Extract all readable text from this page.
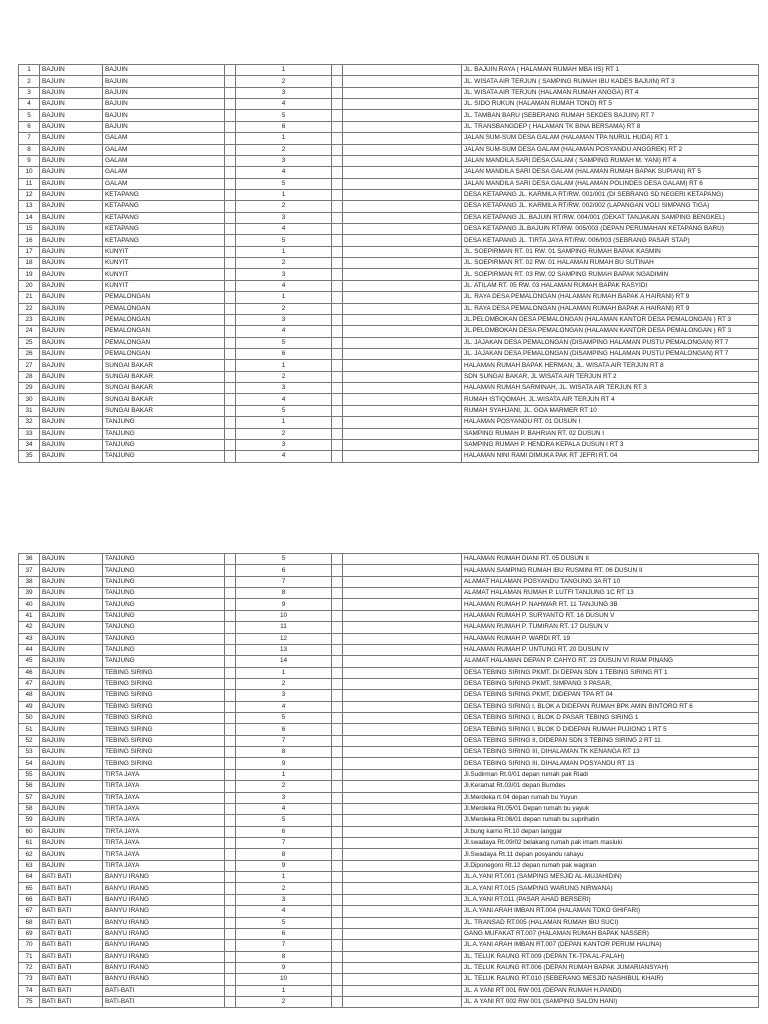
1	BAJUIN	BAJUIN		1			JL. BAJUIN RAYA ( HALAMAN RUMAH MBA IIS) RT 1
2	BAJUIN	BAJUIN		2			JL. WISATA AIR TERJUN ( SAMPING RUMAH IBU KADES BAJUIN) RT 3
3	BAJUIN	BAJUIN		3			JL. WISATA AIR TERJUN (HALAMAN RUMAH ANGGA) RT 4
4	BAJUIN	BAJUIN		4			JL. SIDO RUKUN (HALAMAN RUMAH TONO) RT 5
5	BAJUIN	BAJUIN		5			JL. TAMBAN BARU (SEBERANG RUMAH SEKDES BAJUIN) RT 7
6	BAJUIN	BAJUIN		6			JL. TRANSBANGDEP ( HALAMAN TK BINA BERSAMA) RT 8
7	BAJUIN	GALAM		1			JALAN SUM-SUM DESA GALAM (HALAMAN TPA NURUL HUDA) RT 1
8	BAJUIN	GALAM		2			JALAN SUM-SUM DESA GALAM (HALAMAN POSYANDU ANGGREK) RT 2
9	BAJUIN	GALAM		3			JALAN MANDILA SARI DESA GALAM ( SAMPING RUMAH M. YANI) RT 4
10	BAJUIN	GALAM		4			JALAN MANDILA SARI DESA GALAM (HALAMAN RUMAH BAPAK SUPIANI) RT 5
11	BAJUIN	GALAM		5			JALAN MANDILA SARI DESA GALAM (HALAMAN POLINDES DESA GALAM) RT 6
12	BAJUIN	KETAPANG		1			DESA KETAPANG JL. KARMILA RT/RW. 001/001 (DI SEBRANG SD NEGERI KETAPANG)
13	BAJUIN	KETAPANG		2			DESA KETAPANG JL. KARMILA RT/RW. 002/002 (LAPANGAN VOLI SIMPANG TIGA)
14	BAJUIN	KETAPANG		3			DESA KETAPANG JL. BAJUIN RT/RW. 004/001 (DEKAT TANJAKAN SAMPING BENGKEL)
15	BAJUIN	KETAPANG		4			DESA KETAPANG JL.BAJUIN RT/RW. 005/003 (DEPAN PERUMAHAN KETAPANG BARU)
16	BAJUIN	KETAPANG		5			DESA KETAPANG JL. TIRTA JAYA RT/RW. 006/003 (SEBRANG PASAR STAP)
17	BAJUIN	KUNYIT		1			JL. SOEPIRMAN RT. 01 RW. 01 SAMPING RUMAH BAPAK KASMIN
18	BAJUIN	KUNYIT		2			JL. SOEPIRMAN RT. 02 RW. 01 HALAMAN RUMAH BU SUTINAH
19	BAJUIN	KUNYIT		3			JL. SOEPIRMAN RT. 03 RW. 02 SAMPING RUMAH BAPAK NGADIMIN
20	BAJUIN	KUNYIT		4			JL. ATILAM RT. 05 RW. 03 HALAMAN RUMAH BAPAK RASYIDI
21	BAJUIN	PEMALONGAN		1			JL. RAYA DESA PEMALONGAN (HALAMAN RUMAH BAPAK A HAIRANI) RT 9
22	BAJUIN	PEMALONGAN		2			JL. RAYA DESA PEMALONGAN (HALAMAN RUMAH BAPAK A HAIRANI) RT 9
23	BAJUIN	PEMALONGAN		3			JL.PELOMBOKAN DESA PEMALONGAN (HALAMAN KANTOR DESA PEMALONGAN ) RT 3
24	BAJUIN	PEMALONGAN		4			JL.PELOMBOKAN DESA PEMALONGAN (HALAMAN KANTOR DESA PEMALONGAN ) RT 3
25	BAJUIN	PEMALONGAN		5			JL. JAJAKAN DESA PEMALONGAN (DISAMPING HALAMAN PUSTU PEMALONGAN) RT 7
26	BAJUIN	PEMALONGAN		6			JL. JAJAKAN DESA PEMALONGAN (DISAMPING HALAMAN PUSTU PEMALONGAN) RT 7
27	BAJUIN	SUNGAI BAKAR		1			HALAMAN RUMAH BAPAK HERMAN, JL. WISATA AIR TERJUN RT 8
28	BAJUIN	SUNGAI BAKAR		2			SDN SUNGAI BAKAR, JL WISATA AIR TERJUN RT 2
29	BAJUIN	SUNGAI BAKAR		3			HALAMAN RUMAH SARMINAH, JL. WISATA AIR TERJUN RT 3
30	BAJUIN	SUNGAI BAKAR		4			RUMAH ISTIQOMAH, JL.WISATA AIR TERJUN RT 4
31	BAJUIN	SUNGAI BAKAR		5			RUMAH SYAHJANI, JL. GOA MARMER RT 10
32	BAJUIN	TANJUNG		1			HALAMAN POSYANDU RT. 01 DUSUN I
33	BAJUIN	TANJUNG		2			SAMPING RUMAH P. BAHRIAN RT. 02 DUSUN I
34	BAJUIN	TANJUNG		3			SAMPING RUMAH P. HENDRA KEPALA DUSUN I RT 3
35	BAJUIN	TANJUNG		4			HALAMAN NINI RAMI DIMUKA PAK RT JEFRI RT. 04
36	BAJUIN	TANJUNG		5			HALAMAN RUMAH DIANI RT. 05 DUSUN II
37	BAJUIN	TANJUNG		6			HALAMAN SAMPING RUMAH IBU RUSMINI RT. 06 DUSUN II
38	BAJUIN	TANJUNG		7			ALAMAT HALAMAN POSYANDU TANGUNG 3A RT 10
39	BAJUIN	TANJUNG		8			ALAMAT HALAMAN RUMAH P. LUTFI TANJUNG 1C RT 13
40	BAJUIN	TANJUNG		9			HALAMAN RUMAH P. NAHWAR RT. 11 TANJUNG 3B
41	BAJUIN	TANJUNG		10			HALAMAN RUMAH P. SURYANTO RT. 16 DUSUN V
42	BAJUIN	TANJUNG		11			HALAMAN RUMAH P. TUMIRAN RT. 17 DUSUN V
43	BAJUIN	TANJUNG		12			HALAMAN RUMAH P. WARDI RT. 19
44	BAJUIN	TANJUNG		13			HALAMAN RUMAH P. UNTUNG RT. 20 DUSUN IV
45	BAJUIN	TANJUNG		14			ALAMAT HALAMAN DEPAN P. CAHYO RT. 23 DUSUN VI RIAM PINANG
46	BAJUIN	TEBING SIRING		1			DESA TEBING SIRING PKMT, DI DEPAN SDN 1 TEBING SIRING RT 1
47	BAJUIN	TEBING SIRING		2			DESA TEBING SIRING PKMT, SIMPANG 3 PASAR,
48	BAJUIN	TEBING SIRING		3			DESA TEBING SIRING PKMT, DIDEPAN TPA RT 04
49	BAJUIN	TEBING SIRING		4			DESA TEBING SIRING I, BLOK A DIDEPAN RUMAH BPK AMIN BINTORO RT 6
50	BAJUIN	TEBING SIRING		5			DESA TEBING SIRING I, BLOK D PASAR TEBING SIRING 1
51	BAJUIN	TEBING SIRING		6			DESA TEBING SIRING I, BLOK D DIDEPAN RUMAH PUJIONO 1 RT 5
52	BAJUIN	TEBING SIRING		7			DESA TEBING SIRING II, DIDEPAN SDN 3 TEBING SIRING 2 RT 11
53	BAJUIN	TEBING SIRING		8			DESA TEBING SIRING III, DIHALAMAN TK KENANGA RT 13
54	BAJUIN	TEBING SIRING		9			DESA TEBING SIRING III, DIHALAMAN POSYANDU RT 13
55	BAJUIN	TIRTA JAYA		1			Jl.Sudirman Rt.0/01 depan rumah pak Riadi
56	BAJUIN	TIRTA JAYA		2			Jl.Keramat Rt.03/01 depan Bumdes
57	BAJUIN	TIRTA JAYA		3			Jl.Merdeka rt.04 depan rumah bu Yuyun
58	BAJUIN	TIRTA JAYA		4			Jl.Merdeka Rt.05/01 Depan rumah bu yayuk
59	BAJUIN	TIRTA JAYA		5			Jl.Merdeka Rt.06/01 depan rumah bu suprihatin
60	BAJUIN	TIRTA JAYA		6			Jl.bung karno Rt.10 depan langgar
61	BAJUIN	TIRTA JAYA		7			Jl.swadaya Rt.09/02 belakang rumah pak imam masluki
62	BAJUIN	TIRTA JAYA		8			Jl.Swadaya Rt.11 depan posyandu rahayu
63	BAJUIN	TIRTA JAYA		9			Jl.Diponegoro Rt.12 depan rumah pak wagiran
64	BATI BATI	BANYU IRANG		1			JL.A.YANI RT.001 (SAMPING MESJID AL-MUJAHIDIN)
65	BATI BATI	BANYU IRANG		2			JL.A.YANI RT.015 (SAMPING WARUNG NIRWANA)
66	BATI BATI	BANYU IRANG		3			JL.A.YANI RT.011 (PASAR AHAD BERSERI)
67	BATI BATI	BANYU IRANG		4			JL.A.YANI ARAH IMBAN RT.004 (HALAMAN TOKO GHIFARI)
68	BATI BATI	BANYU IRANG		5			JL. TRANSAD RT.005 (HALAMAN RUMAH IBU SUCI)
69	BATI BATI	BANYU IRANG		6			GANG MUFAKAT RT.007 (HALAMAN RUMAH BAPAK NASSER)
70	BATI BATI	BANYU IRANG		7			JL.A.YANI ARAH IMBAN RT.007 (DEPAN KANTOR PERUM HALINA)
71	BATI BATI	BANYU IRANG		8			JL. TELUK RAUNG RT.009 (DEPAN TK-TPA AL-FALAH)
72	BATI BATI	BANYU IRANG		9			JL. TELUK RAUNG RT.006 (DEPAN RUMAH BAPAK JUMARIANSYAH)
73	BATI BATI	BANYU IRANG		10			JL. TELUK RAUNG RT.010 (SEBERANG MESJID NASHIBUL KHAIR)
74	BATI BATI	BATI-BATI		1			JL. A YANI RT 001 RW 001 (DEPAN RUMAH H.PANDI)
75	BATI BATI	BATI-BATI		2			JL. A YANI RT 002 RW 001 (SAMPING SALON HANI)
